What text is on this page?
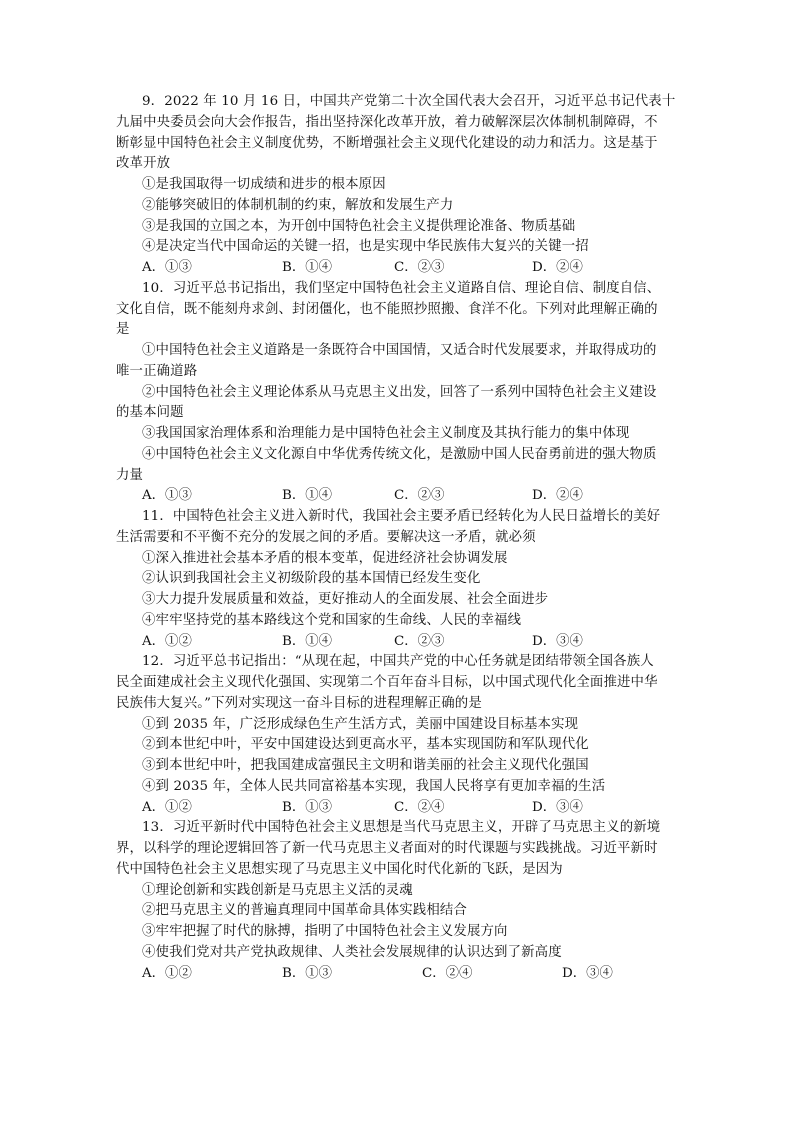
9．2022 年 10 月 16 日，中国共产党第二十次全国代表大会召开，习近平总书记代表十
九届中央委员会向大会作报告，指出坚持深化改革开放，着力破解深层次体制机制障碍，不
断彰显中国特色社会主义制度优势，不断增强社会主义现代化建设的动力和活力。这是基于
改革开放
①是我国取得一切成绩和进步的根本原因
②能够突破旧的体制机制的约束，解放和发展生产力
③是我国的立国之本，为开创中国特色社会主义提供理论准备、物质基础
④是决定当代中国命运的关键一招，也是实现中华民族伟大复兴的关键一招
A．①③	B．①④	C．②③	D．②④
10．习近平总书记指出，我们坚定中国特色社会主义道路自信、理论自信、制度自信、
文化自信，既不能刻舟求剑、封闭僵化，也不能照抄照搬、食洋不化。下列对此理解正确的
是
①中国特色社会主义道路是一条既符合中国国情，又适合时代发展要求，并取得成功的
唯一正确道路
②中国特色社会主义理论体系从马克思主义出发，回答了一系列中国特色社会主义建设
的基本问题
③我国国家治理体系和治理能力是中国特色社会主义制度及其执行能力的集中体现
④中国特色社会主义文化源自中华优秀传统文化，是激励中国人民奋勇前进的强大物质
力量
A．①③	B．①④	C．②③	D．②④
11．中国特色社会主义进入新时代，我国社会主要矛盾已经转化为人民日益增长的美好
生活需要和不平衡不充分的发展之间的矛盾。要解决这一矛盾，就必须
①深入推进社会基本矛盾的根本变革，促进经济社会协调发展
②认识到我国社会主义初级阶段的基本国情已经发生变化
③大力提升发展质量和效益，更好推动人的全面发展、社会全面进步
④牢牢坚持党的基本路线这个党和国家的生命线、人民的幸福线
A．①②	B．①④	C．②③	D．③④
12．习近平总书记指出：“从现在起，中国共产党的中心任务就是团结带领全国各族人
民全面建成社会主义现代化强国、实现第二个百年奋斗目标，以中国式现代化全面推进中华
民族伟大复兴。”下列对实现这一奋斗目标的进程理解正确的是
①到 2035 年，广泛形成绿色生产生活方式，美丽中国建设目标基本实现
②到本世纪中叶，平安中国建设达到更高水平，基本实现国防和军队现代化
③到本世纪中叶，把我国建成富强民主文明和谐美丽的社会主义现代化强国
④到 2035 年，全体人民共同富裕基本实现，我国人民将享有更加幸福的生活
A．①②	B．①③	C．②④	D．③④
13．习近平新时代中国特色社会主义思想是当代马克思主义，开辟了马克思主义的新境
界，以科学的理论逻辑回答了新一代马克思主义者面对的时代课题与实践挑战。习近平新时
代中国特色社会主义思想实现了马克思主义中国化时代化新的飞跃，是因为
①理论创新和实践创新是马克思主义活的灵魂
②把马克思主义的普遍真理同中国革命具体实践相结合
③牢牢把握了时代的脉搏，指明了中国特色社会主义发展方向
④使我们党对共产党执政规律、人类社会发展规律的认识达到了新高度
A．①②	B．①③	C．②④	D．③④
